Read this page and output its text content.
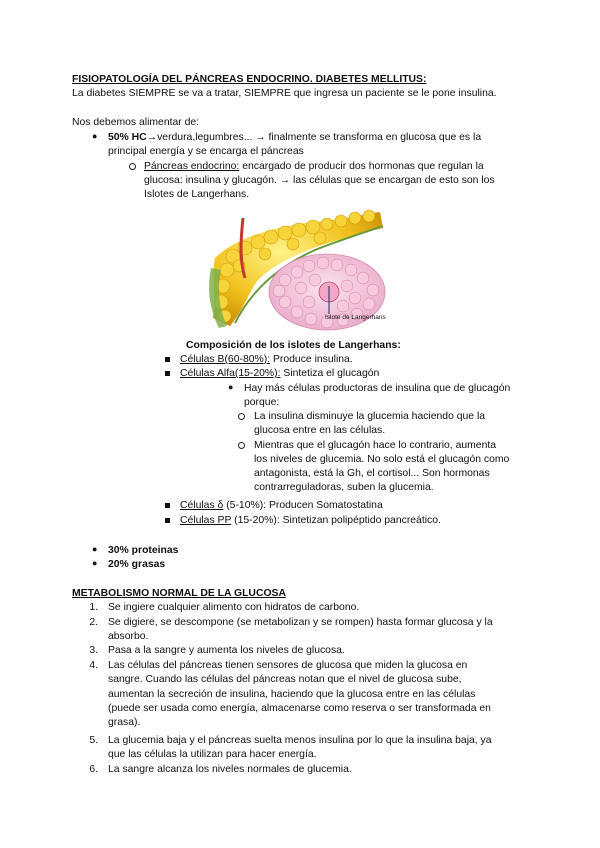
FISIOPATOLOGÍA DEL PÁNCREAS ENDOCRINO. DIABETES MELLITUS:
La diabetes SIEMPRE se va a tratar, SIEMPRE que ingresa un paciente se le pone insulina.
Nos debemos alimentar de:
● 50% HC→verdura,legumbres... → finalmente se transforma en glucosa que es la
principal energía y se encarga el páncreas
Páncreas endocrino: encargado de producir dos hormonas que regulan la
glucosa: insulina y glucagón. → las células que se encargan de esto son los
Islotes de Langerhans.
Islote de Langerhans
Composición de los islotes de Langerhans:
Células B(60-80%): Produce insulina.
Células Alfa(15-20%): Sintetiza el glucagón
● Hay más células productoras de insulina que de glucagón
porque:
La insulina disminuye la glucemia haciendo que la
glucosa entre en las células.
Mientras que el glucagón hace lo contrario, aumenta
los niveles de glucemia. No solo está el glucagón como
antagonista, está la Gh, el cortisol... Son hormonas
contrarreguladoras, suben la glucemia.
Células δ (5-10%): Producen Somatostatina
Células PP (15-20%): Sintetizan polipéptido pancreático.
● 30% proteinas
● 20% grasas
METABOLISMO NORMAL DE LA GLUCOSA
1. Se ingiere cualquier alimento con hidratos de carbono.
2. Se digiere, se descompone (se metabolizan y se rompen) hasta formar glucosa y la
absorbo.
3. Pasa a la sangre y aumenta los niveles de glucosa.
4. Las células del páncreas tienen sensores de glucosa que miden la glucosa en
sangre. Cuando las células del páncreas notan que el nivel de glucosa sube,
aumentan la secreción de insulina, haciendo que la glucosa entre en las células
(puede ser usada como energía, almacenarse como reserva o ser transformada en
grasa).
5. La glucemia baja y el páncreas suelta menos insulina por lo que la insulina baja, ya
que las células la utilizan para hacer energía.
6. La sangre alcanza los niveles normales de glucemia.
